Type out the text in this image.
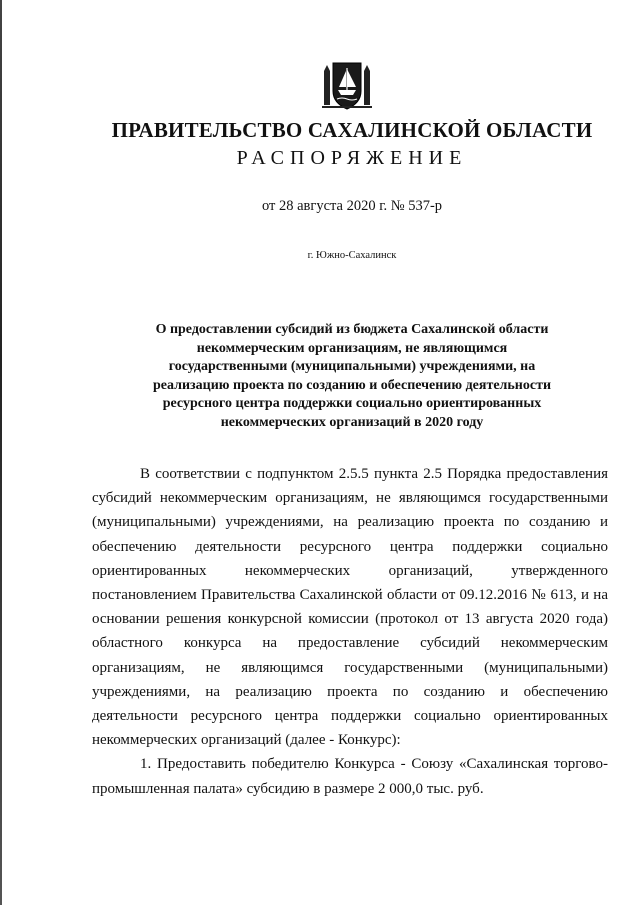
ПРАВИТЕЛЬСТВО САХАЛИНСКОЙ ОБЛАСТИ
РАСПОРЯЖЕНИЕ
от 28 августа 2020 г. № 537-р
г. Южно-Сахалинск
О предоставлении субсидий из бюджета Сахалинской области некоммерческим организациям, не являющимся государственными (муниципальными) учреждениями, на реализацию проекта по созданию и обеспечению деятельности ресурсного центра поддержки социально ориентированных некоммерческих организаций в 2020 году

В соответствии с подпунктом 2.5.5 пункта 2.5 Порядка предоставления субсидий некоммерческим организациям, не являющимся государственными (муниципальными) учреждениями, на реализацию проекта по созданию и обеспечению деятельности ресурсного центра поддержки социально ориентированных некоммерческих организаций, утвержденного постановлением Правительства Сахалинской области от 09.12.2016 № 613, и на основании решения конкурсной комиссии (протокол от 13 августа 2020 года) областного конкурса на предоставление субсидий некоммерческим организациям, не являющимся государственными (муниципальными) учреждениями, на реализацию проекта по созданию и обеспечению деятельности ресурсного центра поддержки социально ориентированных некоммерческих организаций (далее - Конкурс):

1. Предоставить победителю Конкурса - Союзу «Сахалинская торгово-промышленная палата» субсидию в размере 2 000,0 тыс. руб.
